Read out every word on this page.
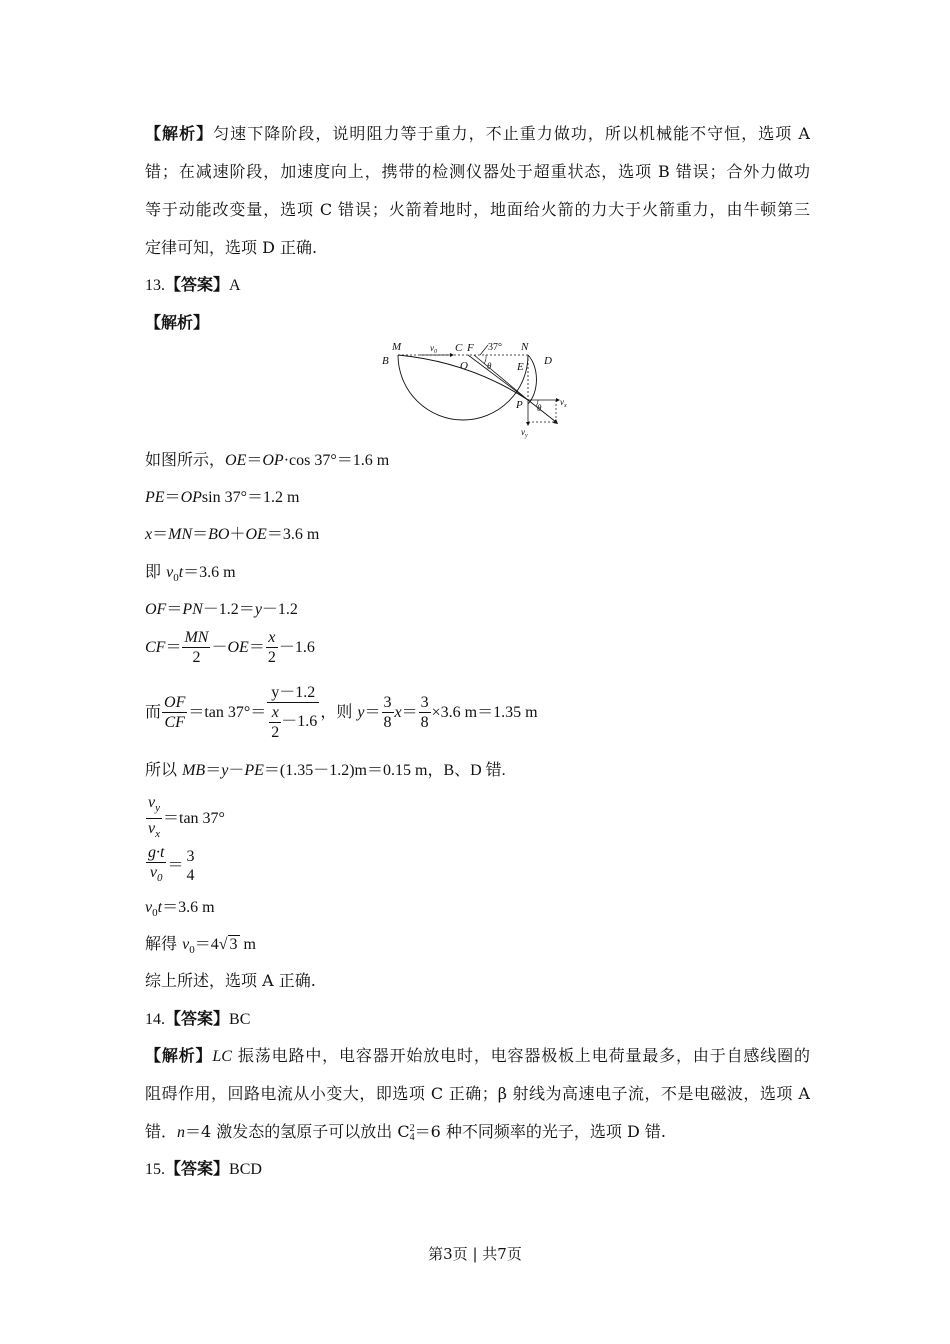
【解析】匀速下降阶段，说明阻力等于重力，不止重力做功，所以机械能不守恒，选项 A
错；在减速阶段，加速度向上，携带的检测仪器处于超重状态，选项 B 错误；合外力做功
等于动能改变量，选项 C 错误；火箭着地时，地面给火箭的力大于火箭重力，由牛顿第三
定律可知，选项 D 正确.
13.【答案】A
【解析】
M
B
$v_0$ C F 37° N
D
O θ E
P θ
$v_x$
$v_y$
如图所示，OE＝OP·cos 37°＝1.6 m
PE＝OPsin 37°＝1.2 m
x＝MN＝BO＋OE＝3.6 m
即 $v_0t=3.6$ m
OF＝PN－1.2＝y－1.2
$CF= \frac{MN}{2} -OE= \frac{x}{2} -1.6$
而 $\frac{OF}{CF} =\tan$ $37^\circ= \frac{y-1.2}{\frac{x}{2} -1.6}$ ，则 $y= \frac{3}{8} x= \frac{3}{8} \times 3.6$ m＝1.35 m
所以 MB＝y－PE＝(1.35－1.2)m＝0.15 m，B、D 错.
$\frac{v_y}{v_x} =\tan$ 37°
$\frac{g\cdot t}{v_0} = 3$
4
$v_0t=3.6$ m
解得 $v_0=4√$ 3 m
综上所述，选项 A 正确.
14.【答案】BC
【解析】LC 振荡电路中，电容器开始放电时，电容器极板上电荷量最多，由于自感线圈的
阻碍作用，回路电流从小变大，即选项 C 正确；β 射线为高速电子流，不是电磁波，选项 A
错．n＝4 激发态的氢原子可以放出 C 2
4 ＝6 种不同频率的光子，选项 D 错.
15.【答案】BCD
第3页 | 共7页
